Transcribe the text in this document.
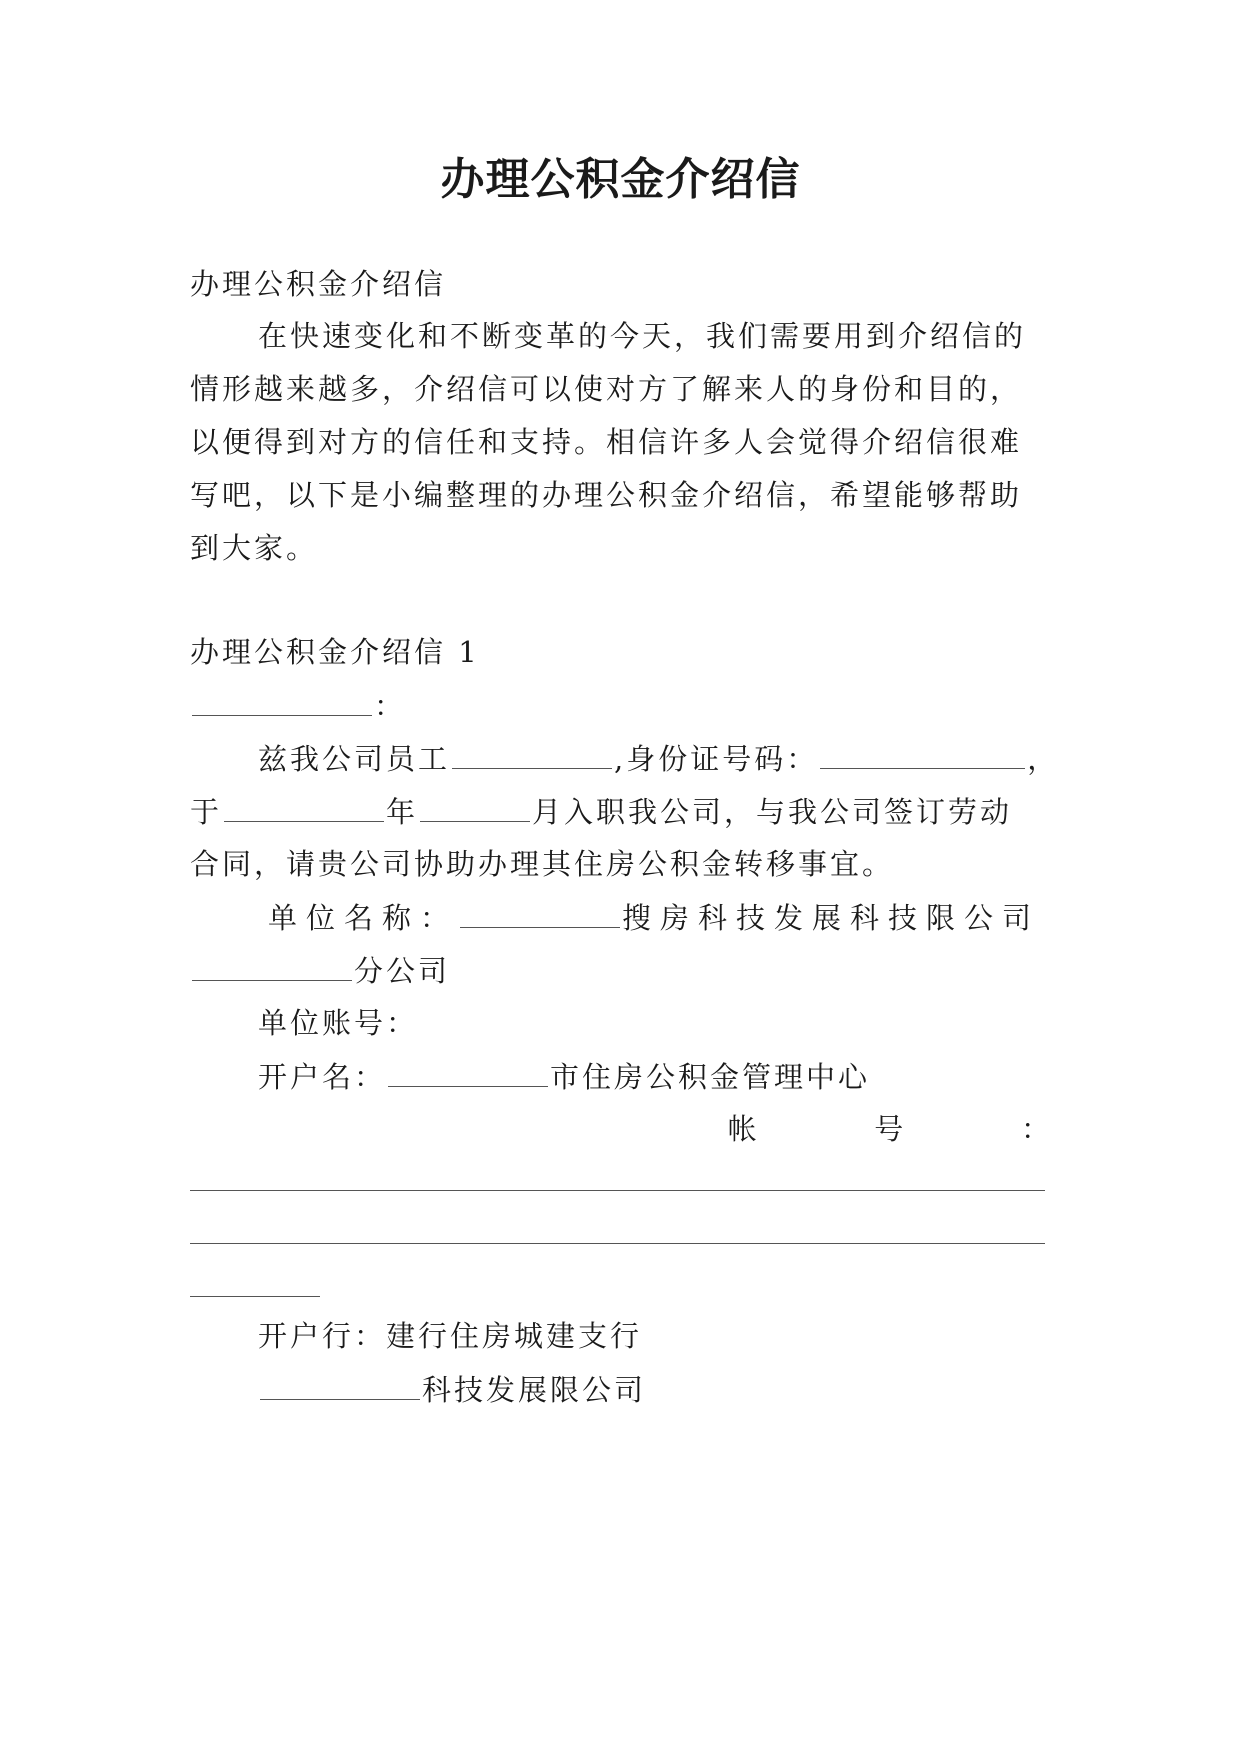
办理公积金介绍信
办理公积金介绍信
在快速变化和不断变革的今天，我们需要用到介绍信的
情形越来越多，介绍信可以使对方了解来人的身份和目的，
以便得到对方的信任和支持。相信许多人会觉得介绍信很难
写吧，以下是小编整理的办理公积金介绍信，希望能够帮助
到大家。
办理公积金介绍信 1
：
兹我公司员工	,身份证号码：	，
于	年	月入职我公司，与我公司签订劳动
合同，请贵公司协助办理其住房公积金转移事宜。
单位名称：	搜房科技发展科技限公司
分公司
单位账号：
开户名：	市住房公积金管理中心
帐	号	：
开户行：建行住房城建支行
科技发展限公司
